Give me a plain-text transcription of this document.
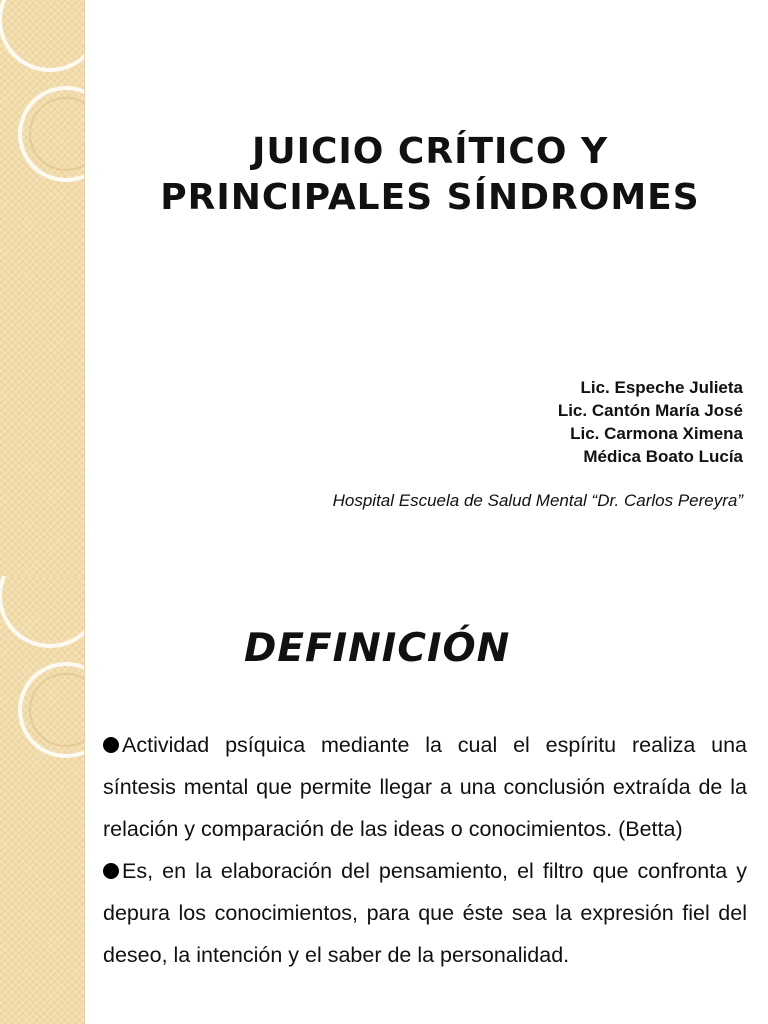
JUICIO CRÍTICO Y
PRINCIPALES SÍNDROMES
Lic. Espeche Julieta
Lic. Cantón María José
Lic. Carmona Ximena
Médica Boato Lucía
Hospital Escuela de Salud Mental “Dr. Carlos Pereyra”
DEFINICIÓN

Actividad psíquica mediante la cual el espíritu realiza una síntesis mental que permite llegar a una conclusión extraída de la relación y comparación de las ideas o conocimientos. (Betta)

Es, en la elaboración del pensamiento, el filtro que confronta y depura los conocimientos, para que éste sea la expresión fiel del deseo, la intención y el saber de la personalidad.
